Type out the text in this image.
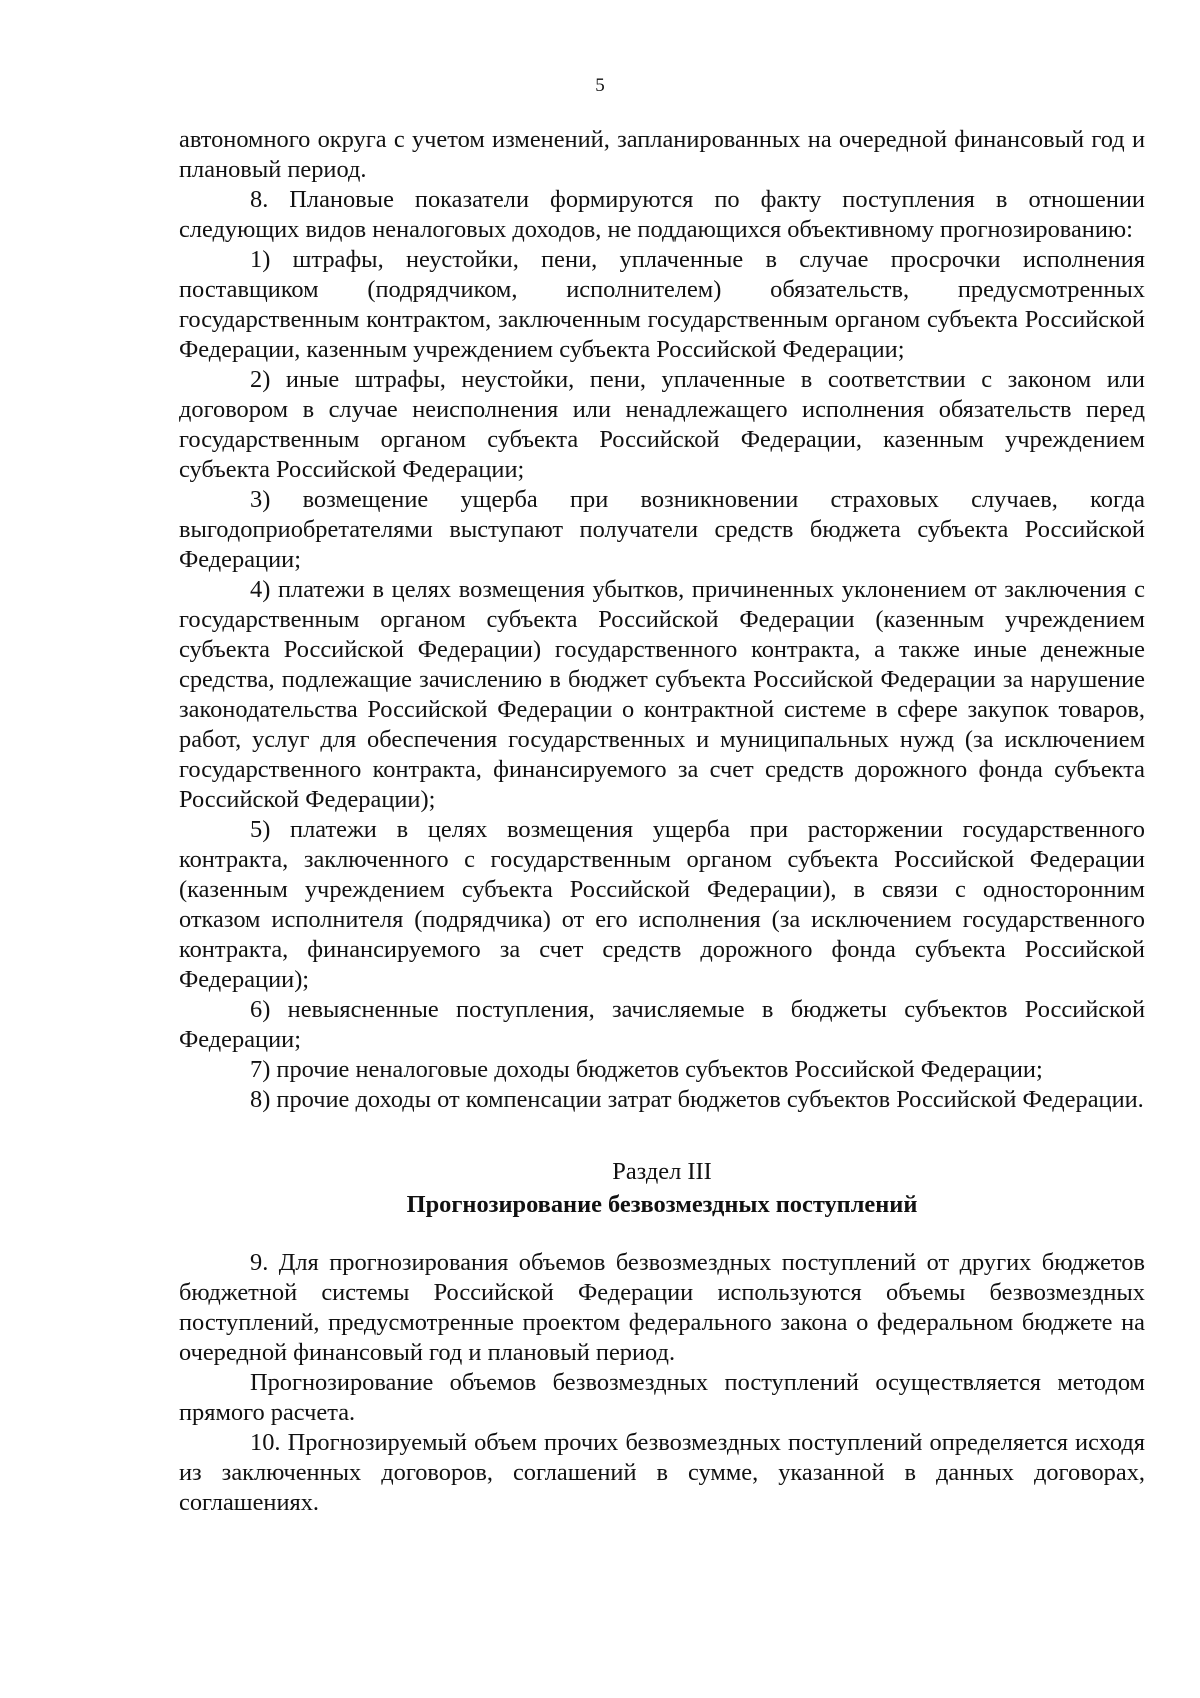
5

автономного округа с учетом изменений, запланированных на очередной финансовый год и плановый период.

8. Плановые показатели формируются по факту поступления в отношении следующих видов неналоговых доходов, не поддающихся объективному прогнозированию:

1) штрафы, неустойки, пени, уплаченные в случае просрочки исполнения поставщиком (подрядчиком, исполнителем) обязательств, предусмотренных государственным контрактом, заключенным государственным органом субъекта Российской Федерации, казенным учреждением субъекта Российской Федерации;

2) иные штрафы, неустойки, пени, уплаченные в соответствии с законом или договором в случае неисполнения или ненадлежащего исполнения обязательств перед государственным органом субъекта Российской Федерации, казенным учреждением субъекта Российской Федерации;

3) возмещение ущерба при возникновении страховых случаев, когда выгодоприобретателями выступают получатели средств бюджета субъекта Российской Федерации;

4) платежи в целях возмещения убытков, причиненных уклонением от заключения с государственным органом субъекта Российской Федерации (казенным учреждением субъекта Российской Федерации) государственного контракта, а также иные денежные средства, подлежащие зачислению в бюджет субъекта Российской Федерации за нарушение законодательства Российской Федерации о контрактной системе в сфере закупок товаров, работ, услуг для обеспечения государственных и муниципальных нужд (за исключением государственного контракта, финансируемого за счет средств дорожного фонда субъекта Российской Федерации);

5) платежи в целях возмещения ущерба при расторжении государственного контракта, заключенного с государственным органом субъекта Российской Федерации (казенным учреждением субъекта Российской Федерации), в связи с односторонним отказом исполнителя (подрядчика) от его исполнения (за исключением государственного контракта, финансируемого за счет средств дорожного фонда субъекта Российской Федерации);

6) невыясненные поступления, зачисляемые в бюджеты субъектов Российской Федерации;

7) прочие неналоговые доходы бюджетов субъектов Российской Федерации;

8) прочие доходы от компенсации затрат бюджетов субъектов Российской Федерации.

Раздел III

Прогнозирование безвозмездных поступлений

9. Для прогнозирования объемов безвозмездных поступлений от других бюджетов бюджетной системы Российской Федерации используются объемы безвозмездных поступлений, предусмотренные проектом федерального закона о федеральном бюджете на очередной финансовый год и плановый период.

Прогнозирование объемов безвозмездных поступлений осуществляется методом прямого расчета.

10. Прогнозируемый объем прочих безвозмездных поступлений определяется исходя из заключенных договоров, соглашений в сумме, указанной в данных договорах, соглашениях.
